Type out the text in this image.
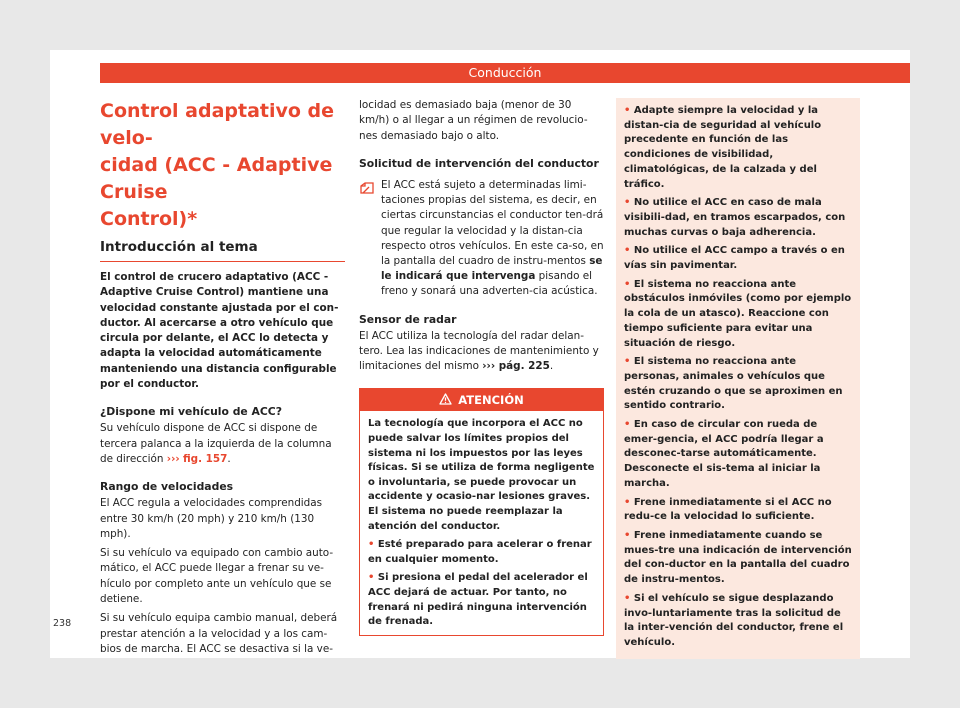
Conducción
Control adaptativo de velo-
cidad (ACC - Adaptive Cruise
Control)*
Introducción al tema
El control de crucero adaptativo (ACC - Adaptive Cruise Control) mantiene una velocidad constante ajustada por el con-ductor. Al acercarse a otro vehículo que circula por delante, el ACC lo detecta y adapta la velocidad automáticamente manteniendo una distancia configurable por el conductor.
¿Dispone mi vehículo de ACC?
Su vehículo dispone de ACC si dispone de tercera palanca a la izquierda de la columna de dirección ››› fig. 157.
Rango de velocidades
El ACC regula a velocidades comprendidas entre 30 km/h (20 mph) y 210 km/h (130 mph).
Si su vehículo va equipado con cambio auto-mático, el ACC puede llegar a frenar su ve-hículo por completo ante un vehículo que se detiene.
Si su vehículo equipa cambio manual, deberá prestar atención a la velocidad y a los cam-bios de marcha. El ACC se desactiva si la ve-
locidad es demasiado baja (menor de 30 km/h) o al llegar a un régimen de revolucio-nes demasiado bajo o alto.
Solicitud de intervención del conductor
El ACC está sujeto a determinadas limi-taciones propias del sistema, es decir, en ciertas circunstancias el conductor ten-drá que regular la velocidad y la distan-cia respecto otros vehículos. En este ca-so, en la pantalla del cuadro de instru-mentos se le indicará que intervenga pisando el freno y sonará una adverten-cia acústica.
Sensor de radar
El ACC utiliza la tecnología del radar delan-tero. Lea las indicaciones de mantenimiento y limitaciones del mismo ››› pág. 225.
ATENCIÓN
La tecnología que incorpora el ACC no puede salvar los límites propios del sistema ni los impuestos por las leyes físicas. Si se utiliza de forma negligente o involuntaria, se puede provocar un accidente y ocasio-nar lesiones graves. El sistema no puede reemplazar la atención del conductor.
• Esté preparado para acelerar o frenar en cualquier momento.
• Si presiona el pedal del acelerador el ACC dejará de actuar. Por tanto, no frenará ni pedirá ninguna intervención de frenada.
• Adapte siempre la velocidad y la distan-cia de seguridad al vehículo precedente en función de las condiciones de visibilidad, climatológicas, de la calzada y del tráfico.
• No utilice el ACC en caso de mala visibili-dad, en tramos escarpados, con muchas curvas o baja adherencia.
• No utilice el ACC campo a través o en vías sin pavimentar.
• El sistema no reacciona ante obstáculos inmóviles (como por ejemplo la cola de un atasco). Reaccione con tiempo suficiente para evitar una situación de riesgo.
• El sistema no reacciona ante personas, animales o vehículos que estén cruzando o que se aproximen en sentido contrario.
• En caso de circular con rueda de emer-gencia, el ACC podría llegar a desconec-tarse automáticamente. Desconecte el sis-tema al iniciar la marcha.
• Frene inmediatamente si el ACC no redu-ce la velocidad lo suficiente.
• Frene inmediatamente cuando se mues-tre una indicación de intervención del con-ductor en la pantalla del cuadro de instru-mentos.
• Si el vehículo se sigue desplazando invo-luntariamente tras la solicitud de la inter-vención del conductor, frene el vehículo.
238
